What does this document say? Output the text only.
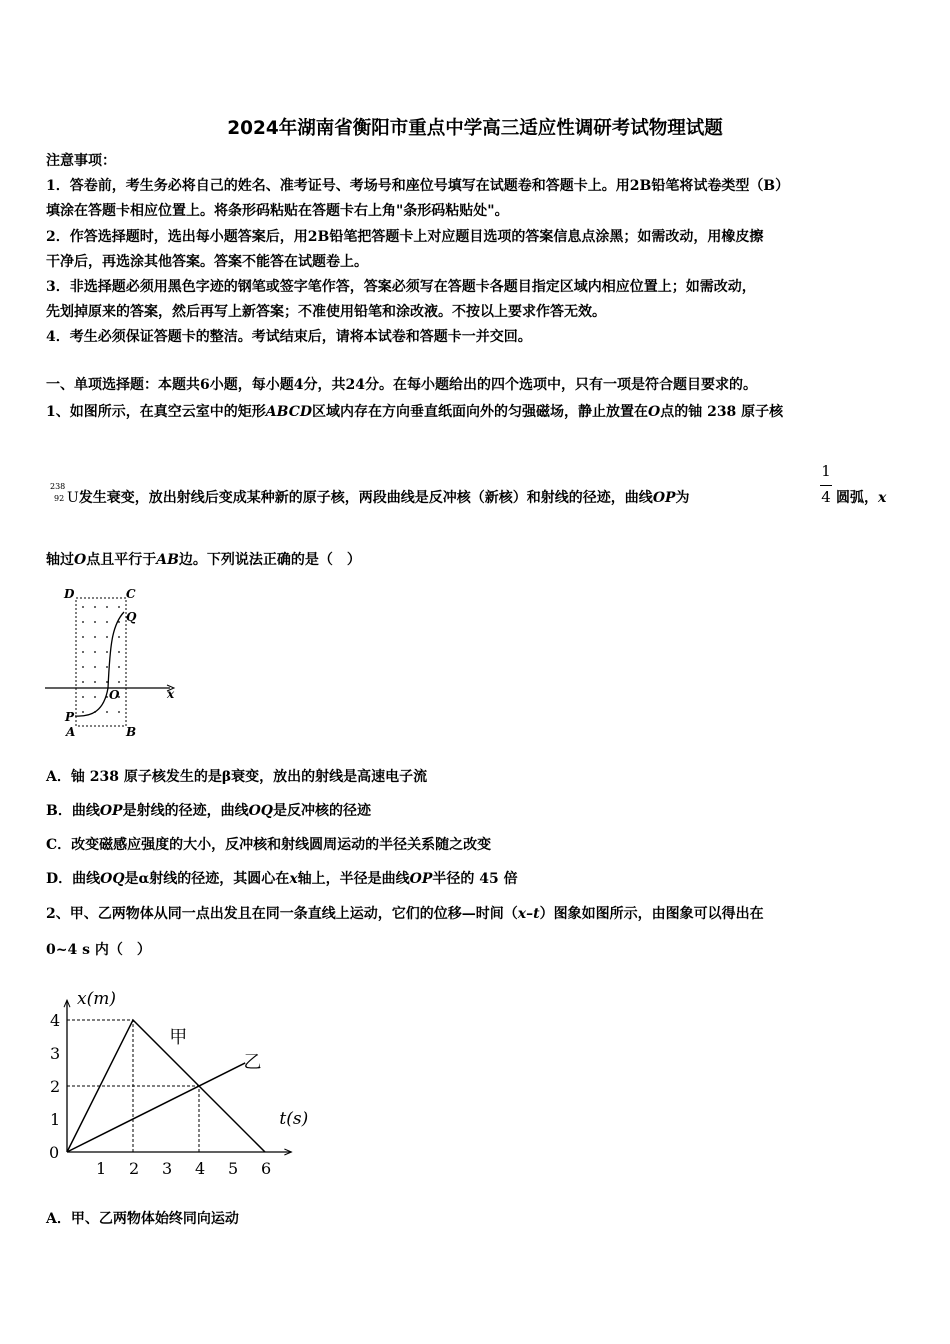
2024年湖南省衡阳市重点中学高三适应性调研考试物理试题
注意事项：
1．答卷前，考生务必将自己的姓名、准考证号、考场号和座位号填写在试题卷和答题卡上。用2B铅笔将试卷类型（B）
填涂在答题卡相应位置上。将条形码粘贴在答题卡右上角"条形码粘贴处"。
2．作答选择题时，选出每小题答案后，用2B铅笔把答题卡上对应题目选项的答案信息点涂黑；如需改动，用橡皮擦
干净后，再选涂其他答案。答案不能答在试题卷上。
3．非选择题必须用黑色字迹的钢笔或签字笔作答，答案必须写在答题卡各题目指定区域内相应位置上；如需改动，
先划掉原来的答案，然后再写上新答案；不准使用铅笔和涂改液。不按以上要求作答无效。
4．考生必须保证答题卡的整洁。考试结束后，请将本试卷和答题卡一并交回。
一、单项选择题：本题共6小题，每小题4分，共24分。在每小题给出的四个选项中，只有一项是符合题目要求的。
1、如图所示，在真空云室中的矩形ABCD区域内存在方向垂直纸面向外的匀强磁场，静止放置在O点的铀 238 原子核
238
92 U发生衰变，放出射线后变成某种新的原子核，两段曲线是反冲核（新核）和射线的径迹，曲线OP为
1
4 圆弧，x
轴过O点且平行于AB边。下列说法正确的是（　）
D	C
Q
O	x
P
A	B
A．铀 238 原子核发生的是β衰变，放出的射线是高速电子流
B．曲线OP是射线的径迹，曲线OQ是反冲核的径迹
C．改变磁感应强度的大小，反冲核和射线圆周运动的半径关系随之改变
D．曲线OQ是α射线的径迹，其圆心在x轴上，半径是曲线OP半径的 45 倍
2、甲、乙两物体从同一点出发且在同一条直线上运动，它们的位移—时间（x–t）图象如图所示，由图象可以得出在
0~4 s 内（　）
1 2 3 4 5 6
1
2
3
4
0
x(m)
t(s)
甲
乙
A．甲、乙两物体始终同向运动
